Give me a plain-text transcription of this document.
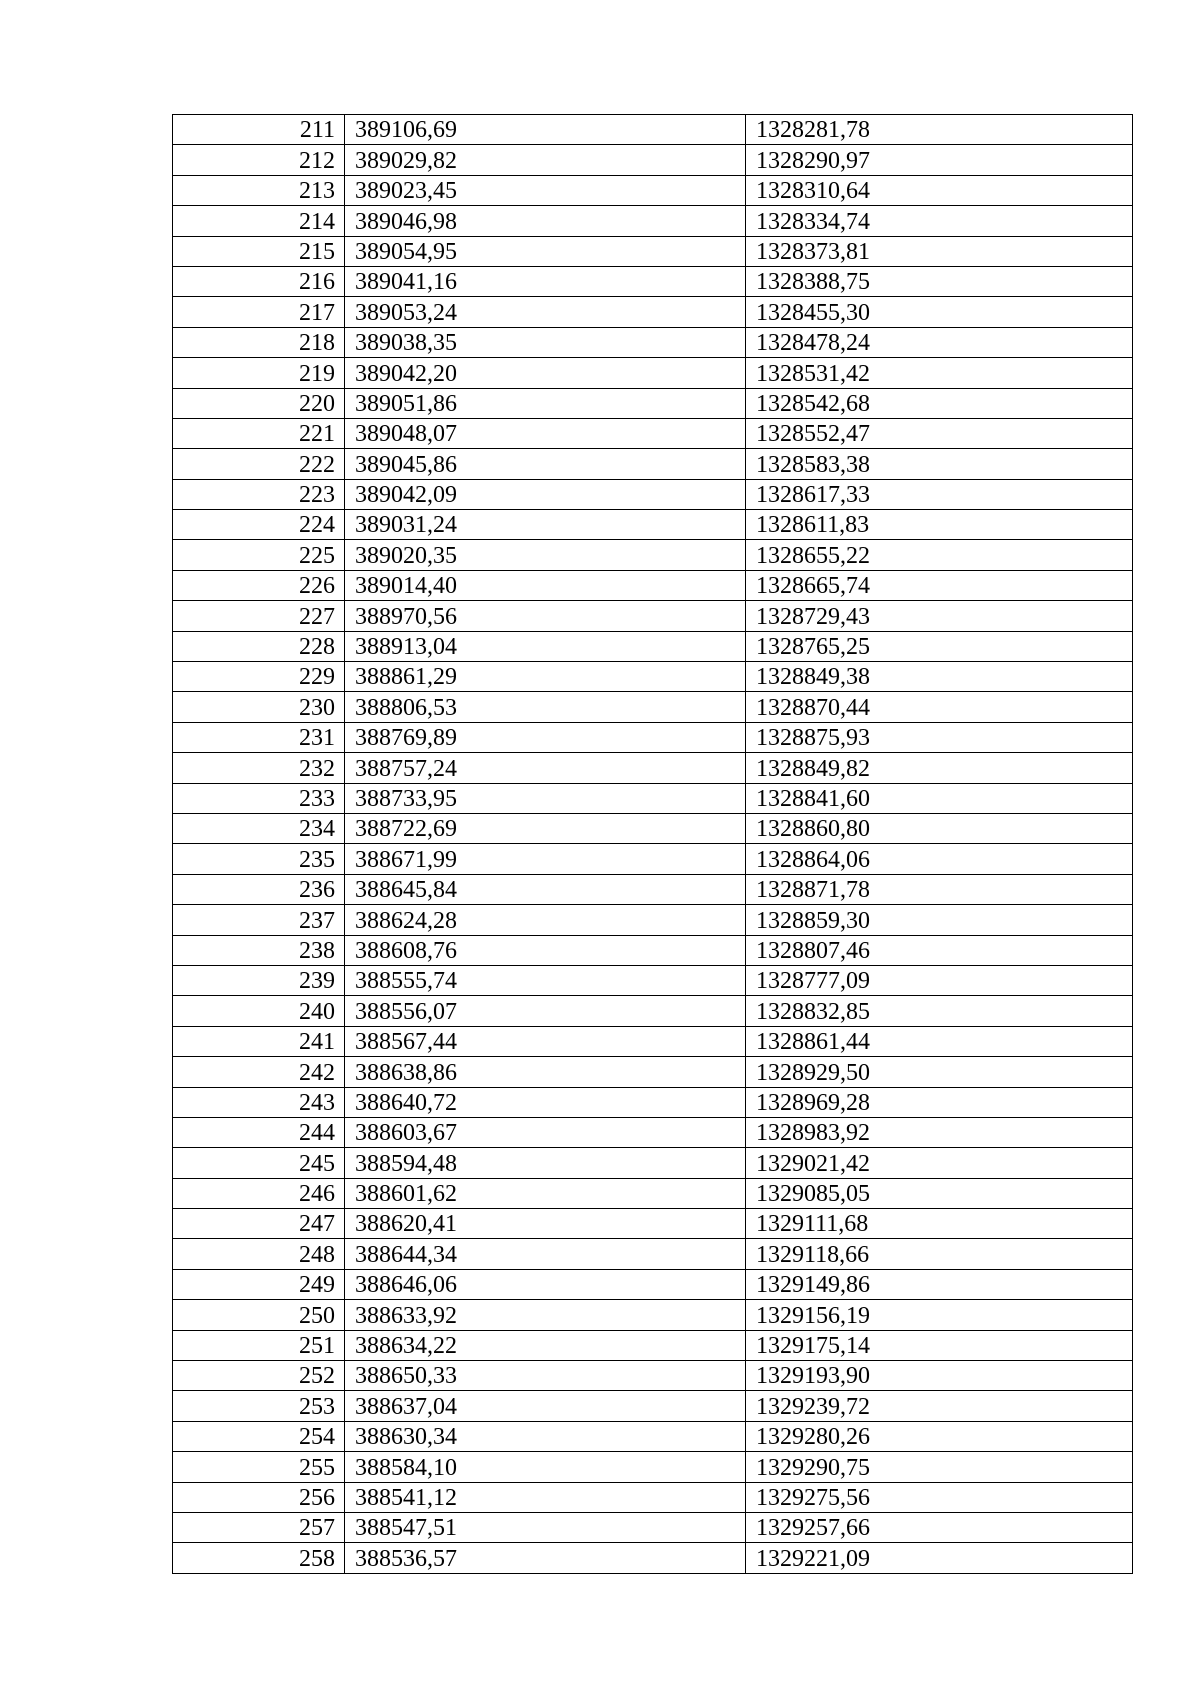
211	389106,69	1328281,78
212	389029,82	1328290,97
213	389023,45	1328310,64
214	389046,98	1328334,74
215	389054,95	1328373,81
216	389041,16	1328388,75
217	389053,24	1328455,30
218	389038,35	1328478,24
219	389042,20	1328531,42
220	389051,86	1328542,68
221	389048,07	1328552,47
222	389045,86	1328583,38
223	389042,09	1328617,33
224	389031,24	1328611,83
225	389020,35	1328655,22
226	389014,40	1328665,74
227	388970,56	1328729,43
228	388913,04	1328765,25
229	388861,29	1328849,38
230	388806,53	1328870,44
231	388769,89	1328875,93
232	388757,24	1328849,82
233	388733,95	1328841,60
234	388722,69	1328860,80
235	388671,99	1328864,06
236	388645,84	1328871,78
237	388624,28	1328859,30
238	388608,76	1328807,46
239	388555,74	1328777,09
240	388556,07	1328832,85
241	388567,44	1328861,44
242	388638,86	1328929,50
243	388640,72	1328969,28
244	388603,67	1328983,92
245	388594,48	1329021,42
246	388601,62	1329085,05
247	388620,41	1329111,68
248	388644,34	1329118,66
249	388646,06	1329149,86
250	388633,92	1329156,19
251	388634,22	1329175,14
252	388650,33	1329193,90
253	388637,04	1329239,72
254	388630,34	1329280,26
255	388584,10	1329290,75
256	388541,12	1329275,56
257	388547,51	1329257,66
258	388536,57	1329221,09
